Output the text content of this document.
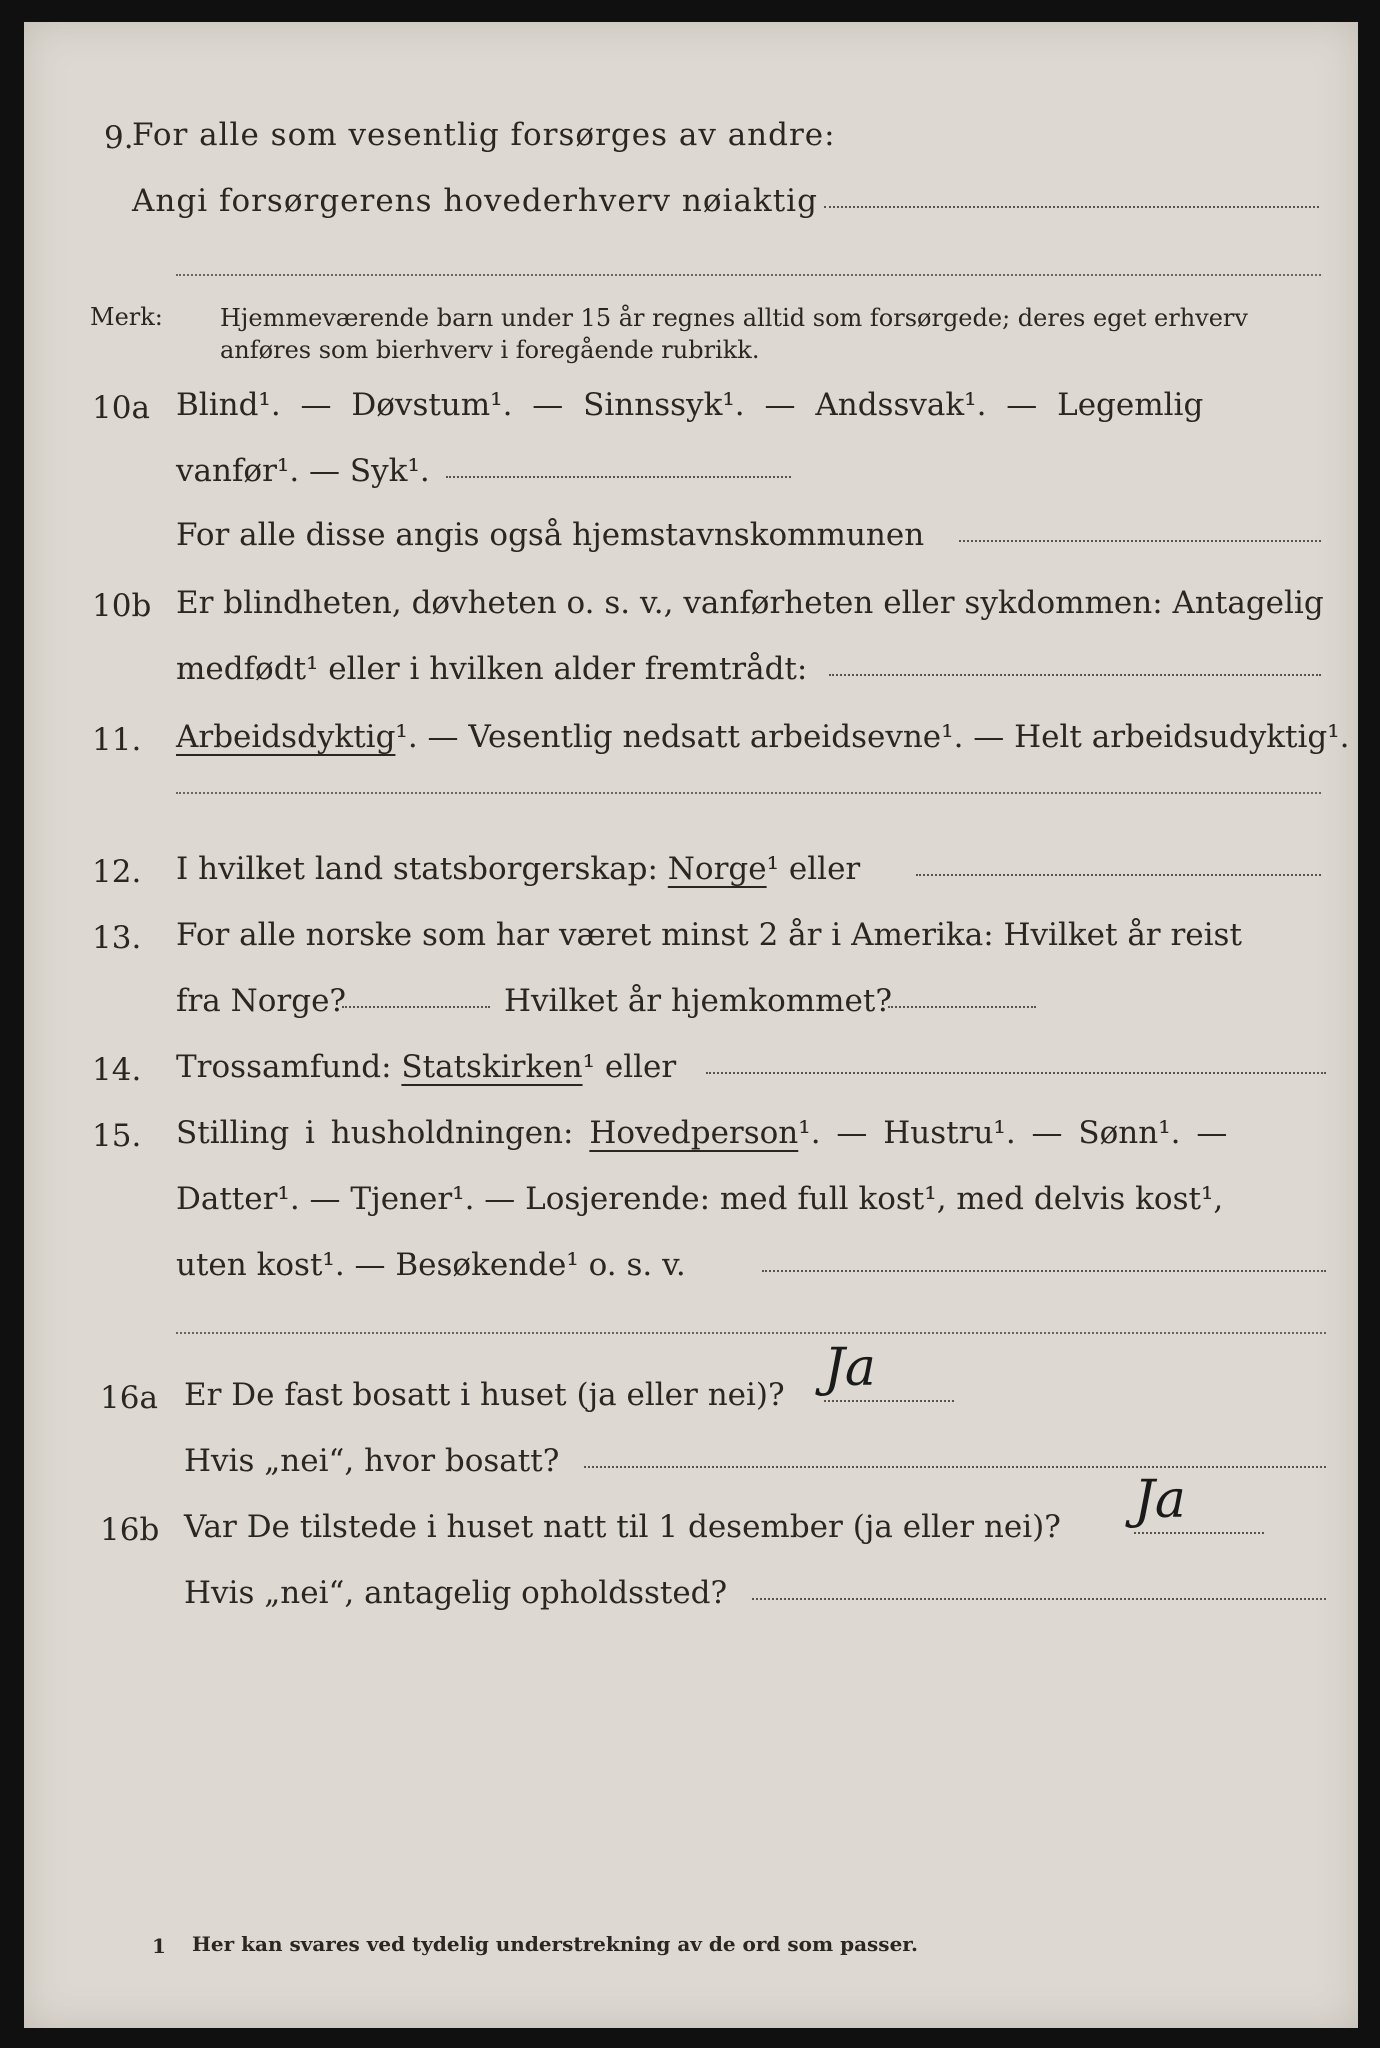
9.
For alle som vesentlig forsørges av andre:
Angi forsørgerens hovederhverv nøiaktig
Merk: Hjemmeværende barn under 15 år regnes alltid som forsørgede; deres eget erhverv
anføres som bierhverv i foregående rubrikk.
10a Blind¹. — Døvstum¹. — Sinnssyk¹. — Andssvak¹. — Legemlig
vanfør¹. — Syk¹.
For alle disse angis også hjemstavnskommunen
10b Er blindheten, døvheten o. s. v., vanførheten eller sykdommen: Antagelig
medfødt¹ eller i hvilken alder fremtrådt:
11. Arbeidsdyktig¹. — Vesentlig nedsatt arbeidsevne¹. — Helt arbeidsudyktig¹.
12. I hvilket land statsborgerskap: Norge¹ eller
13. For alle norske som har været minst 2 år i Amerika: Hvilket år reist
fra Norge?	Hvilket år hjemkommet?
14. Trossamfund: Statskirken¹ eller
15. Stilling i husholdningen: Hovedperson¹. — Hustru¹. — Sønn¹. —
Datter¹. — Tjener¹. — Losjerende: med full kost¹, med delvis kost¹,
uten kost¹. — Besøkende¹ o. s. v.
16a Er De fast bosatt i huset (ja eller nei)? Ja
Hvis „nei“, hvor bosatt?
16b Var De tilstede i huset natt til 1 desember (ja eller nei)? Ja
Hvis „nei“, antagelig opholdssted?
1 Her kan svares ved tydelig understrekning av de ord som passer.
